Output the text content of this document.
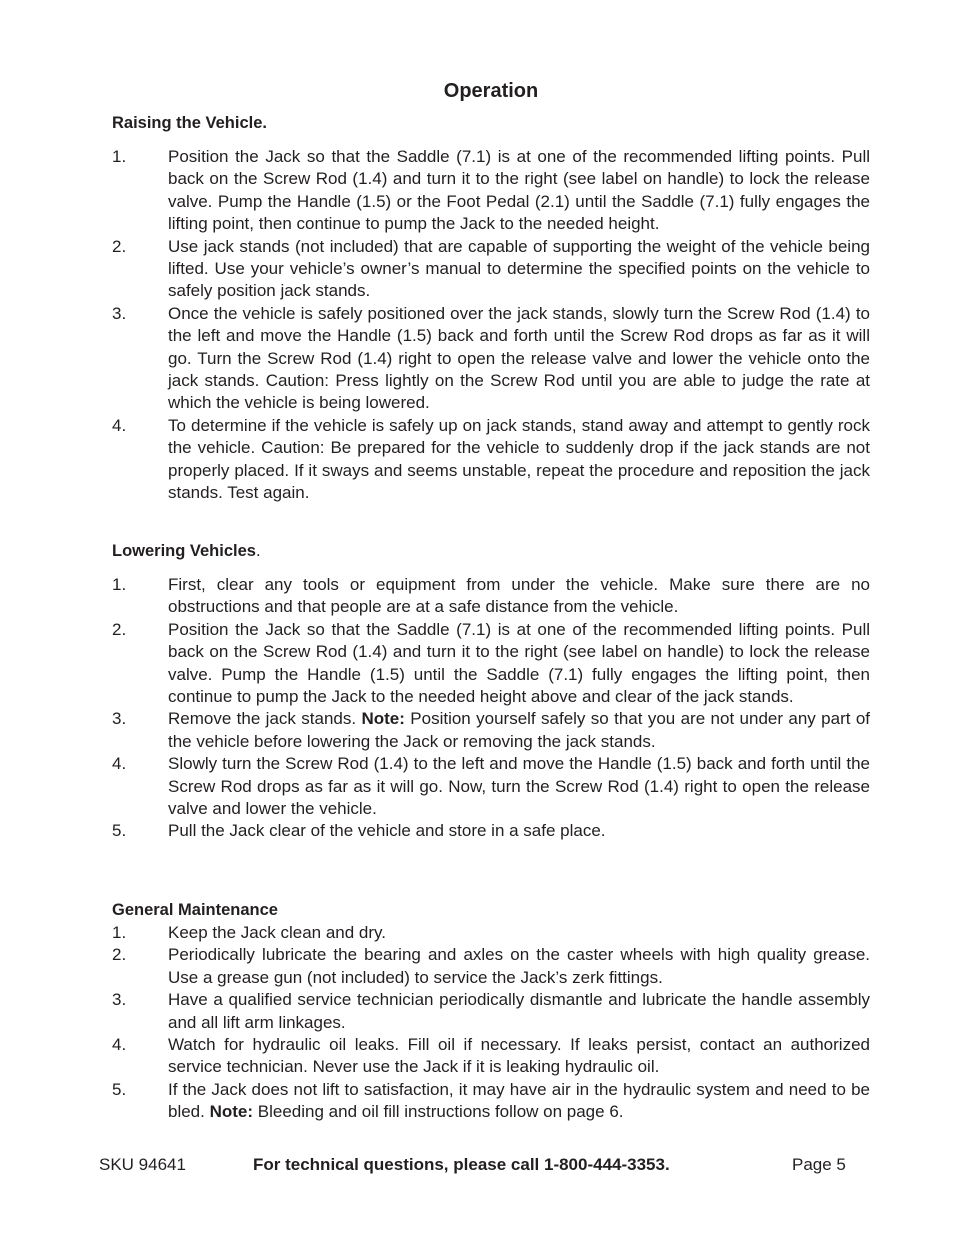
Operation
Raising the Vehicle.
1. Position the Jack so that the Saddle (7.1) is at one of the recommended lifting points. Pull back on the Screw Rod (1.4) and turn it to the right (see label on handle) to lock the release valve. Pump the Handle (1.5) or the Foot Pedal (2.1) until the Saddle (7.1) fully engages the lifting point, then continue to pump the Jack to the needed height.
2. Use jack stands (not included) that are capable of supporting the weight of the vehicle being lifted. Use your vehicle’s owner’s manual to determine the specified points on the vehicle to safely position jack stands.
3. Once the vehicle is safely positioned over the jack stands, slowly turn the Screw Rod (1.4) to the left and move the Handle (1.5) back and forth until the Screw Rod drops as far as it will go. Turn the Screw Rod (1.4) right to open the release valve and lower the vehicle onto the jack stands. Caution: Press lightly on the Screw Rod until you are able to judge the rate at which the vehicle is being lowered.
4. To determine if the vehicle is safely up on jack stands, stand away and attempt to gently rock the vehicle. Caution: Be prepared for the vehicle to suddenly drop if the jack stands are not properly placed. If it sways and seems unstable, repeat the procedure and reposition the jack stands. Test again.
Lowering Vehicles.
1. First, clear any tools or equipment from under the vehicle. Make sure there are no obstructions and that people are at a safe distance from the vehicle.
2. Position the Jack so that the Saddle (7.1) is at one of the recommended lifting points. Pull back on the Screw Rod (1.4) and turn it to the right (see label on handle) to lock the release valve. Pump the Handle (1.5) until the Saddle (7.1) fully engages the lifting point, then continue to pump the Jack to the needed height above and clear of the jack stands.
3. Remove the jack stands. Note: Position yourself safely so that you are not under any part of the vehicle before lowering the Jack or removing the jack stands.
4. Slowly turn the Screw Rod (1.4) to the left and move the Handle (1.5) back and forth until the Screw Rod drops as far as it will go. Now, turn the Screw Rod (1.4) right to open the release valve and lower the vehicle.
5. Pull the Jack clear of the vehicle and store in a safe place.
General Maintenance
1. Keep the Jack clean and dry.
2. Periodically lubricate the bearing and axles on the caster wheels with high quality grease. Use a grease gun (not included) to service the Jack’s zerk fittings.
3. Have a qualified service technician periodically dismantle and lubricate the handle assembly and all lift arm linkages.
4. Watch for hydraulic oil leaks. Fill oil if necessary. If leaks persist, contact an authorized service technician. Never use the Jack if it is leaking hydraulic oil.
5. If the Jack does not lift to satisfaction, it may have air in the hydraulic system and need to be bled. Note: Bleeding and oil fill instructions follow on page 6.
SKU 94641	For technical questions, please call 1-800-444-3353.	Page 5
